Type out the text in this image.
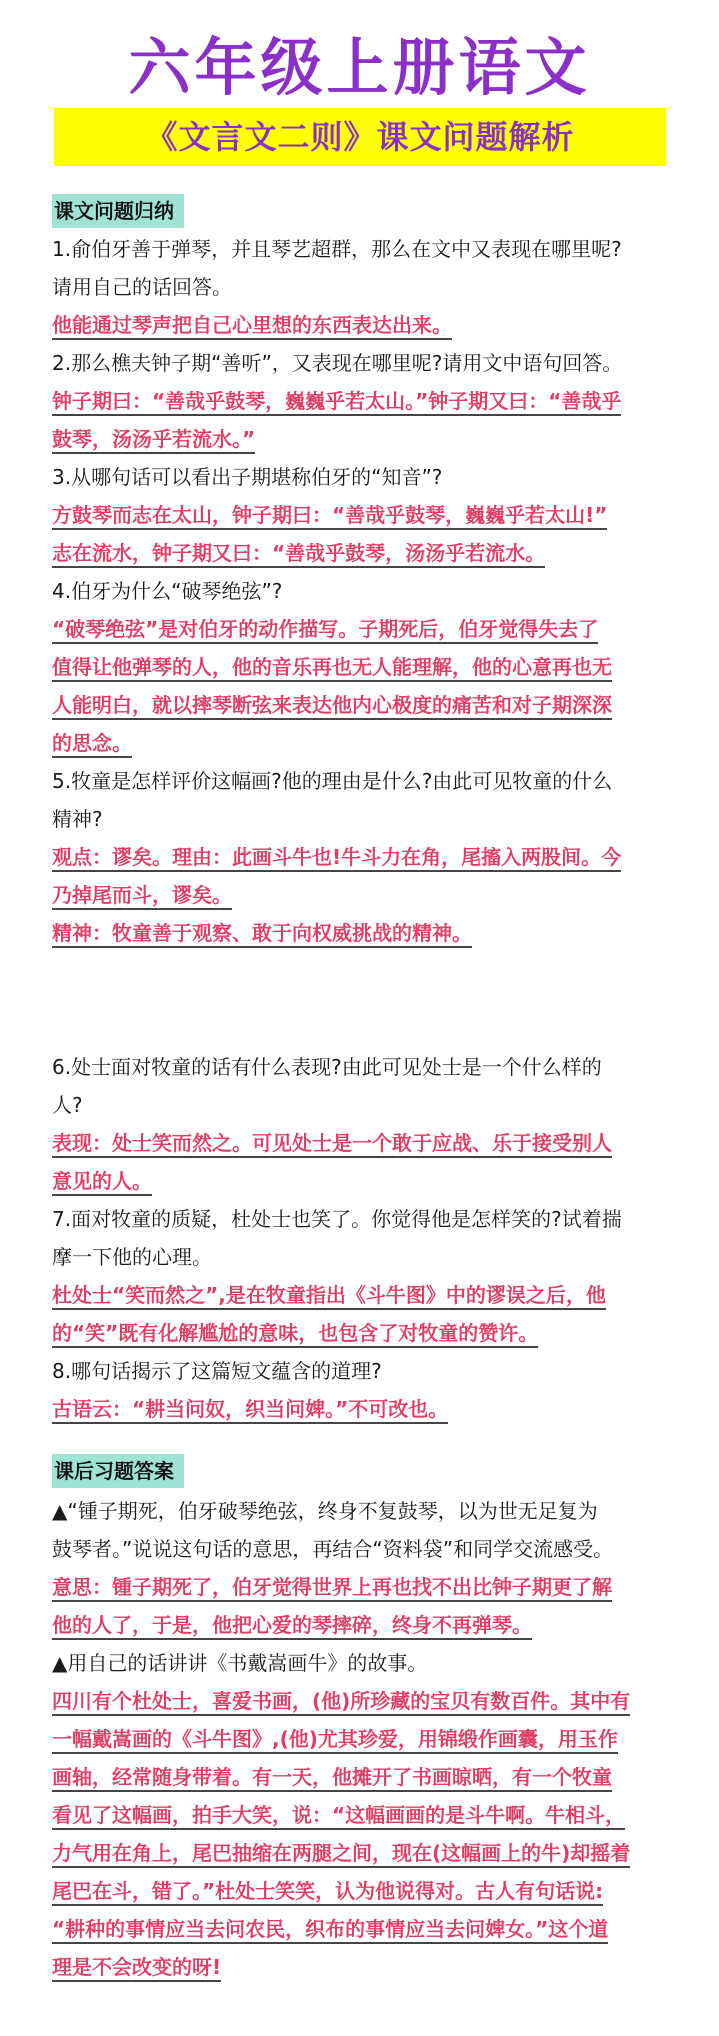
六年级上册语文
《文言文二则》课文问题解析
课文问题归纳

1.俞伯牙善于弹琴，并且琴艺超群，那么在文中又表现在哪里呢?

请用自己的话回答。

他能通过琴声把自己心里想的东西表达出来。

2.那么樵夫钟子期“善听”，又表现在哪里呢?请用文中语句回答。

钟子期曰：“善哉乎鼓琴，巍巍乎若太山。”钟子期又曰：“善哉乎

鼓琴，汤汤乎若流水。”

3.从哪句话可以看出子期堪称伯牙的“知音”?

方鼓琴而志在太山，钟子期曰：“善哉乎鼓琴，巍巍乎若太山!”

志在流水，钟子期又曰：“善哉乎鼓琴，汤汤乎若流水。

4.伯牙为什么“破琴绝弦”?

“破琴绝弦”是对伯牙的动作描写。子期死后，伯牙觉得失去了

值得让他弹琴的人，他的音乐再也无人能理解，他的心意再也无

人能明白，就以摔琴断弦来表达他内心极度的痛苦和对子期深深

的思念。

5.牧童是怎样评价这幅画?他的理由是什么?由此可见牧童的什么

精神?

观点：谬矣。理由：此画斗牛也!牛斗力在角，尾搐入两股间。今

乃掉尾而斗，谬矣。

精神：牧童善于观察、敢于向权威挑战的精神。

6.处士面对牧童的话有什么表现?由此可见处士是一个什么样的

人?

表现：处士笑而然之。可见处士是一个敢于应战、乐于接受别人

意见的人。

7.面对牧童的质疑，杜处士也笑了。你觉得他是怎样笑的?试着揣

摩一下他的心理。

杜处士“笑而然之”,是在牧童指出《斗牛图》中的谬误之后，他

的“笑”既有化解尴尬的意味，也包含了对牧童的赞许。

8.哪句话揭示了这篇短文蕴含的道理?

古语云：“耕当问奴，织当问婢。”不可改也。

课后习题答案

▲“锺子期死，伯牙破琴绝弦，终身不复鼓琴，以为世无足复为

鼓琴者。”说说这句话的意思，再结合“资料袋”和同学交流感受。

意思：锺子期死了，伯牙觉得世界上再也找不出比钟子期更了解

他的人了，于是，他把心爱的琴摔碎，终身不再弹琴。

▲用自己的话讲讲《书戴嵩画牛》的故事。

四川有个杜处士，喜爱书画，(他)所珍藏的宝贝有数百件。其中有

一幅戴嵩画的《斗牛图》,(他)尤其珍爱，用锦缎作画囊，用玉作

画轴，经常随身带着。有一天，他摊开了书画晾晒，有一个牧童

看见了这幅画，拍手大笑，说：“这幅画画的是斗牛啊。牛相斗，

力气用在角上，尾巴抽缩在两腿之间，现在(这幅画上的牛)却摇着

尾巴在斗，错了。”杜处士笑笑，认为他说得对。古人有句话说:

“耕种的事情应当去问农民，织布的事情应当去问婢女。”这个道

理是不会改变的呀!
